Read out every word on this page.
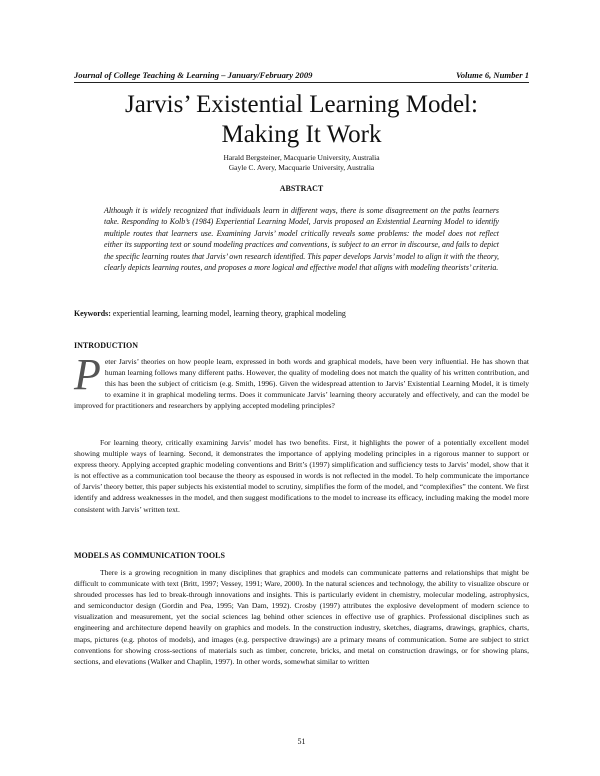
Journal of College Teaching & Learning – January/February 2009	Volume 6, Number 1
Jarvis’ Existential Learning Model:
Making It Work
Harald Bergsteiner, Macquarie University, Australia
Gayle C. Avery, Macquarie University, Australia
ABSTRACT

Although it is widely recognized that individuals learn in different ways, there is some disagreement on the paths learners take. Responding to Kolb’s (1984) Experiential Learning Model, Jarvis proposed an Existential Learning Model to identify multiple routes that learners use. Examining Jarvis’ model critically reveals some problems: the model does not reflect either its supporting text or sound modeling practices and conventions, is subject to an error in discourse, and fails to depict the specific learning routes that Jarvis’ own research identified. This paper develops Jarvis’ model to align it with the theory, clearly depicts learning routes, and proposes a more logical and effective model that aligns with modeling theorists’ criteria.

Keywords: experiential learning, learning model, learning theory, graphical modeling
INTRODUCTION

Peter Jarvis’ theories on how people learn, expressed in both words and graphical models, have been very influential. He has shown that human learning follows many different paths. However, the quality of modeling does not match the quality of his written contribution, and this has been the subject of criticism (e.g. Smith, 1996). Given the widespread attention to Jarvis’ Existential Learning Model, it is timely to examine it in graphical modeling terms. Does it communicate Jarvis’ learning theory accurately and effectively, and can the model be improved for practitioners and researchers by applying accepted modeling principles?

For learning theory, critically examining Jarvis’ model has two benefits. First, it highlights the power of a potentially excellent model showing multiple ways of learning. Second, it demonstrates the importance of applying modeling principles in a rigorous manner to support or express theory. Applying accepted graphic modeling conventions and Britt’s (1997) simplification and sufficiency tests to Jarvis’ model, show that it is not effective as a communication tool because the theory as espoused in words is not reflected in the model. To help communicate the importance of Jarvis’ theory better, this paper subjects his existential model to scrutiny, simplifies the form of the model, and “complexifies” the content. We first identify and address weaknesses in the model, and then suggest modifications to the model to increase its efficacy, including making the model more consistent with Jarvis’ written text.

MODELS AS COMMUNICATION TOOLS

There is a growing recognition in many disciplines that graphics and models can communicate patterns and relationships that might be difficult to communicate with text (Britt, 1997; Vessey, 1991; Ware, 2000). In the natural sciences and technology, the ability to visualize obscure or shrouded processes has led to break-through innovations and insights. This is particularly evident in chemistry, molecular modeling, astrophysics, and semiconductor design (Gordin and Pea, 1995; Van Dam, 1992). Crosby (1997) attributes the explosive development of modern science to visualization and measurement, yet the social sciences lag behind other sciences in effective use of graphics. Professional disciplines such as engineering and architecture depend heavily on graphics and models. In the construction industry, sketches, diagrams, drawings, graphics, charts, maps, pictures (e.g. photos of models), and images (e.g. perspective drawings) are a primary means of communication. Some are subject to strict conventions for showing cross-sections of materials such as timber, concrete, bricks, and metal on construction drawings, or for showing plans, sections, and elevations (Walker and Chaplin, 1997). In other words, somewhat similar to written

51
